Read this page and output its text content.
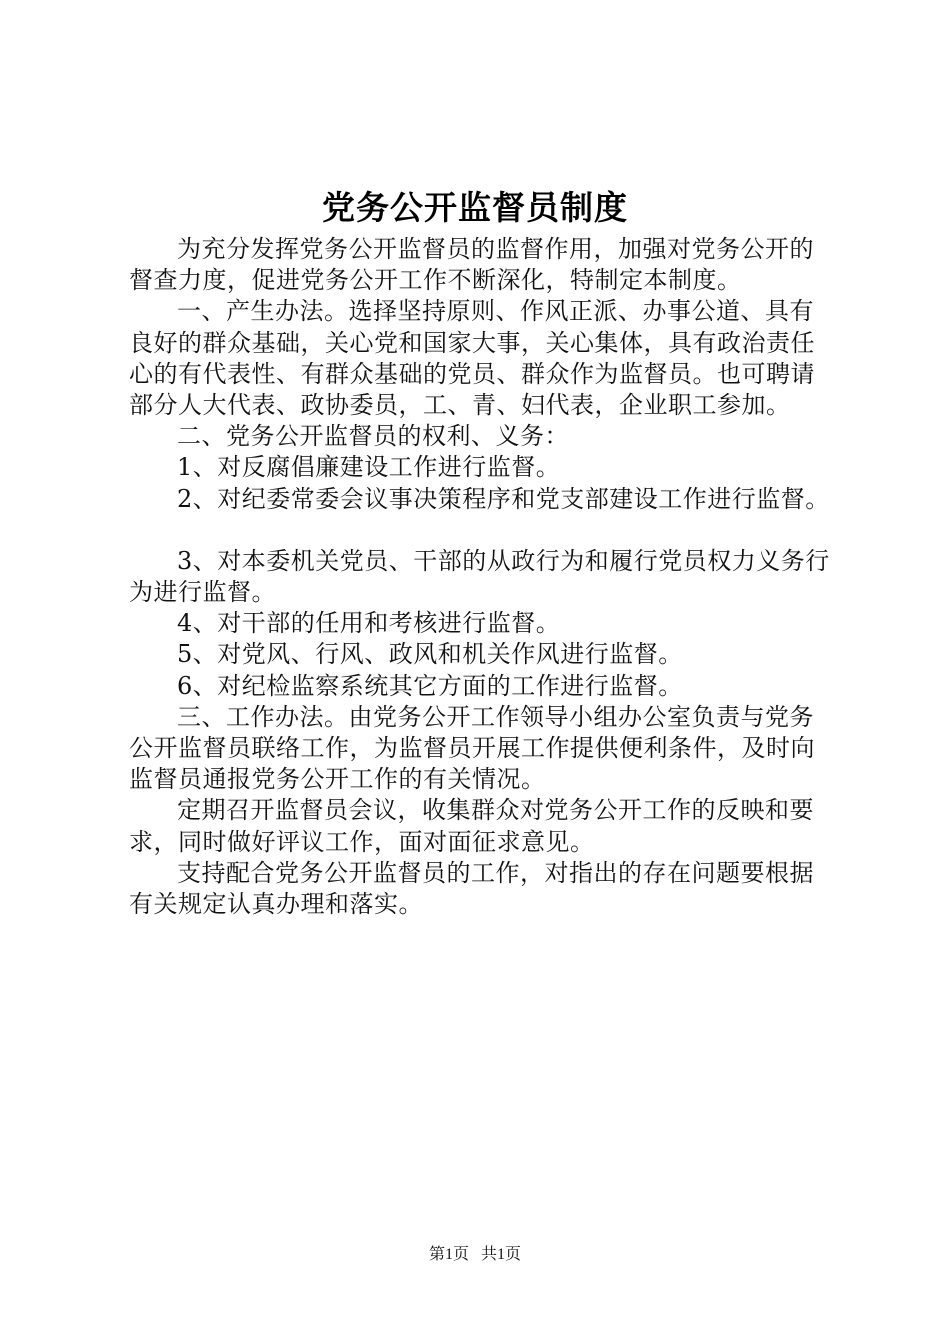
党务公开监督员制度

为充分发挥党务公开监督员的监督作用，加强对党务公开的督查力度，促进党务公开工作不断深化，特制定本制度。

一、产生办法。选择坚持原则、作风正派、办事公道、具有良好的群众基础，关心党和国家大事，关心集体，具有政治责任心的有代表性、有群众基础的党员、群众作为监督员。也可聘请部分人大代表、政协委员，工、青、妇代表，企业职工参加。

二、党务公开监督员的权利、义务：

1、对反腐倡廉建设工作进行监督。

2、对纪委常委会议事决策程序和党支部建设工作进行监督。

3、对本委机关党员、干部的从政行为和履行党员权力义务行为进行监督。

4、对干部的任用和考核进行监督。

5、对党风、行风、政风和机关作风进行监督。

6、对纪检监察系统其它方面的工作进行监督。

三、工作办法。由党务公开工作领导小组办公室负责与党务公开监督员联络工作，为监督员开展工作提供便利条件，及时向监督员通报党务公开工作的有关情况。

定期召开监督员会议，收集群众对党务公开工作的反映和要求，同时做好评议工作，面对面征求意见。

支持配合党务公开监督员的工作，对指出的存在问题要根据有关规定认真办理和落实。

第1页 共1页
